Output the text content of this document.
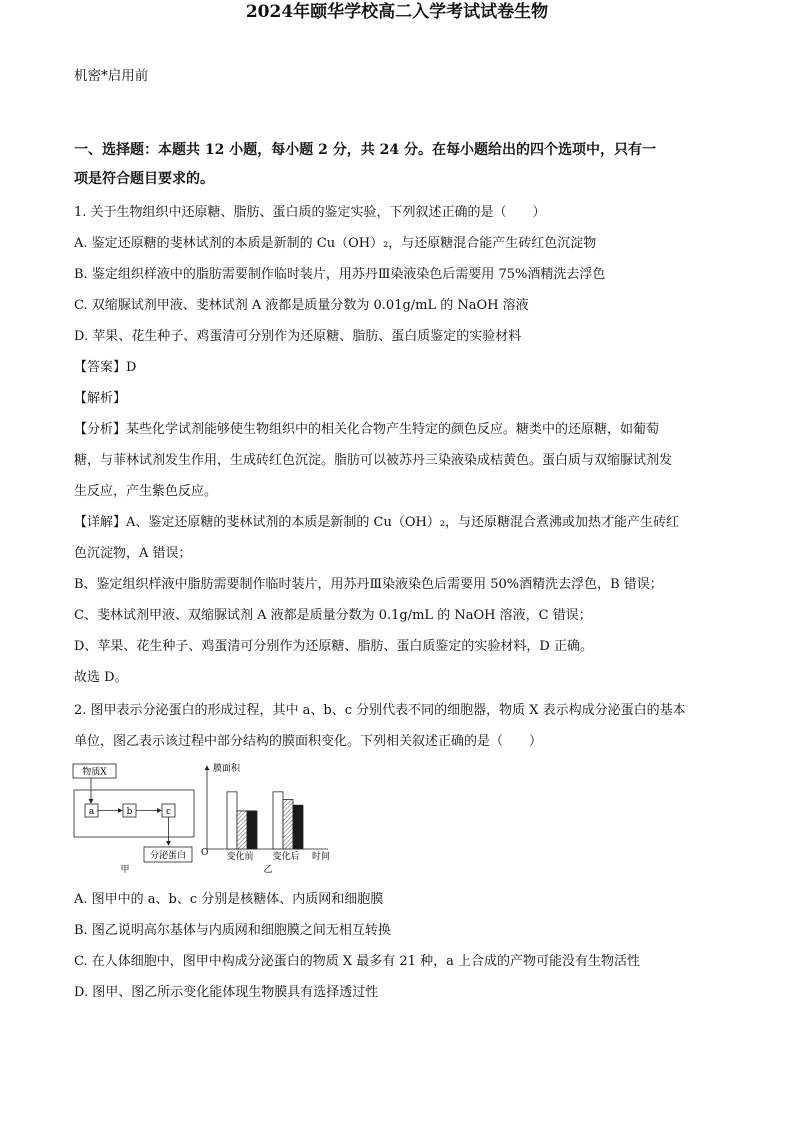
机密*启用前
2024年颐华学校高二入学考试试卷生物
一、选择题：本题共 12 小题，每小题 2 分，共 24 分。在每小题给出的四个选项中，只有一
项是符合题目要求的。
1. 关于生物组织中还原糖、脂肪、蛋白质的鉴定实验，下列叙述正确的是（　　）
A. 鉴定还原糖的斐林试剂的本质是新制的 Cu（OH）₂，与还原糖混合能产生砖红色沉淀物
B. 鉴定组织样液中的脂肪需要制作临时装片，用苏丹Ⅲ染液染色后需要用 75%酒精洗去浮色
C. 双缩脲试剂甲液、斐林试剂 A 液都是质量分数为 0.01g/mL 的 NaOH 溶液
D. 苹果、花生种子、鸡蛋清可分别作为还原糖、脂肪、蛋白质鉴定的实验材料
【答案】D
【解析】
【分析】某些化学试剂能够使生物组织中的相关化合物产生特定的颜色反应。糖类中的还原糖，如葡萄
糖，与菲林试剂发生作用，生成砖红色沉淀。脂肪可以被苏丹三染液染成桔黄色。蛋白质与双缩脲试剂发
生反应，产生紫色反应。
【详解】A、鉴定还原糖的斐林试剂的本质是新制的 Cu（OH）₂，与还原糖混合煮沸或加热才能产生砖红
色沉淀物，A 错误；
B、鉴定组织样液中脂肪需要制作临时装片，用苏丹Ⅲ染液染色后需要用 50%酒精洗去浮色，B 错误；
C、斐林试剂甲液、双缩脲试剂 A 液都是质量分数为 0.1g/mL 的 NaOH 溶液，C 错误；
D、苹果、花生种子、鸡蛋清可分别作为还原糖、脂肪、蛋白质鉴定的实验材料，D 正确。
故选 D。
2. 图甲表示分泌蛋白的形成过程，其中 a、b、c 分别代表不同的细胞器，物质 X 表示构成分泌蛋白的基本
单位，图乙表示该过程中部分结构的膜面积变化。下列相关叙述正确的是（　　）
物质X
a	b	c
分泌蛋白
甲
膜面积
O 变化前 变化后 时间
乙
A. 图甲中的 a、b、c 分别是核糖体、内质网和细胞膜
B. 图乙说明高尔基体与内质网和细胞膜之间无相互转换
C. 在人体细胞中，图甲中构成分泌蛋白的物质 X 最多有 21 种，a 上合成的产物可能没有生物活性
D. 图甲、图乙所示变化能体现生物膜具有选择透过性
